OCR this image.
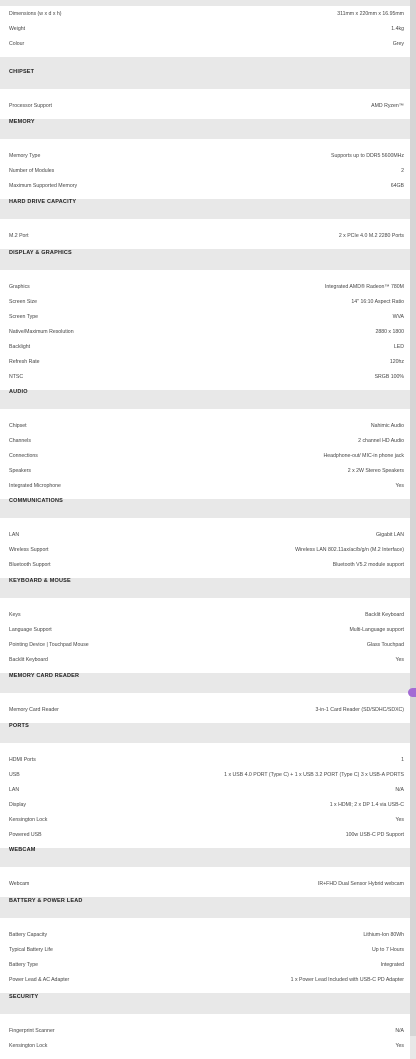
Dimensions (w x d x h)	311mm x 220mm x 16.95mm
Weight	1.4kg
Colour	Grey
CHIPSET
Processor Support	AMD Ryzen™
MEMORY
Memory Type	Supports up to DDR5 5600MHz
Number of Modules	2
Maximum Supported Memory	64GB
HARD DRIVE CAPACITY
M.2 Port	2 x PCIe 4.0 M.2 2280 Ports
DISPLAY & GRAPHICS
Graphics	Integrated AMD® Radeon™ 780M
Screen Size	14" 16:10 Aspect Ratio
Screen Type	WVA
Native/Maximum Resolution	2880 x 1800
Backlight	LED
Refresh Rate	120hz
NTSC	SRGB 100%
AUDIO
Chipset	Nahimic Audio
Channels	2 channel HD Audio
Connections	Headphone-out/ MIC-in phone jack
Speakers	2 x 2W Stereo Speakers
Integrated Microphone	Yes
COMMUNICATIONS
LAN	Gigabit LAN
Wireless Support	Wireless LAN 802.11ax/ac/b/g/n (M.2 Interface)
Bluetooth Support	Bluetooth V5.2 module support
KEYBOARD & MOUSE
Keys	Backlit Keyboard
Language Support	Multi-Language support
Pointing Device | Touchpad Mouse	Glass Touchpad
Backlit Keyboard	Yes
MEMORY CARD READER
Memory Card Reader	3-in-1 Card Reader (SD/SDHC/SDXC)
PORTS
HDMI Ports	1
USB	1 x USB 4.0 PORT (Type C) + 1 x USB 3.2 PORT (Type C) 3 x USB-A PORTS
LAN	N/A
Display	1 x HDMI; 2 x DP 1.4 via USB-C
Kensington Lock	Yes
Powered USB	100w USB-C PD Support
WEBCAM
Webcam	IR+FHD Dual Sensor Hybrid webcam
BATTERY & POWER LEAD
Battery Capacity	Lithium-Ion 80Wh
Typical Battery Life	Up to 7 Hours
Battery Type	Integrated
Power Lead & AC Adapter	1 x Power Lead Included with USB-C PD Adapter
SECURITY
Fingerprint Scanner	N/A
Kensington Lock	Yes
